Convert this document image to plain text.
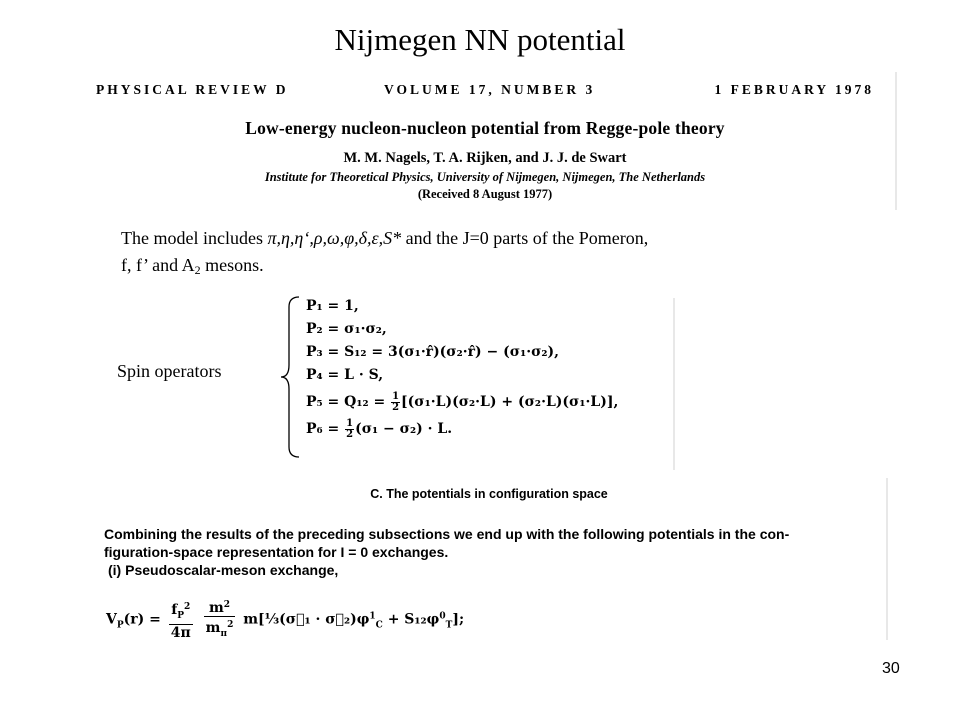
Nijmegen NN potential
PHYSICAL REVIEW D	VOLUME 17, NUMBER 3	1 FEBRUARY 1978
Low-energy nucleon-nucleon potential from Regge-pole theory
M. M. Nagels, T. A. Rijken, and J. J. de Swart
Institute for Theoretical Physics, University of Nijmegen, Nijmegen, The Netherlands
(Received 8 August 1977)
The model includes π,η,η‘,ρ,ω,φ,δ,ε,S* and the J=0 parts of the Pomeron,
f, f’ and $A_2$ mesons.
Spin operators
P₁ = 1,
P₂ = σ₁·σ₂,
P₃ = S₁₂ = 3(σ₁·r̂)(σ₂·r̂) − (σ₁·σ₂),
P₄ = L · S,
$P_5 = Q_{12} = \frac{1}{2} [(\sigma_1\cdot L)(\sigma_2\cdot L) + (\sigma_2\cdot L)(\sigma_1\cdot L)]$,
$P_6 = \frac{1}{2} (\sigma_1 - \sigma_2) \cdot L$.
C. The potentials in configuration space
Combining the results of the preceding subsections we end up with the following potentials in the con-
figuration-space representation for I = 0 exchanges.
(i) Pseudoscalar-meson exchange,
$V_P(r) = \frac{f_P^2}{4\pi}$
$\frac{m^2}{m_\pi^2}$ m[⅓(σ⃗₁ · $\sigma⃗_2)\varphi^1_C + S_{12}\varphi^0_T$];
30
